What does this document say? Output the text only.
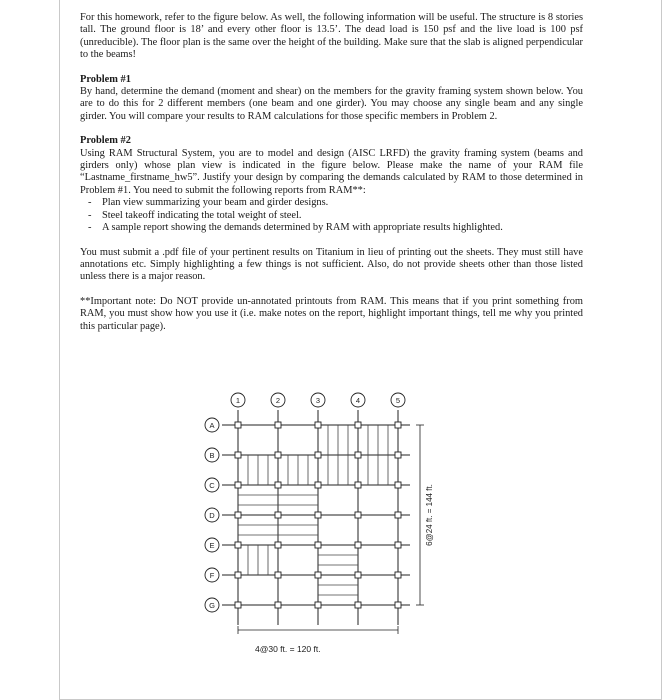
For this homework, refer to the figure below. As well, the following information will be useful. The structure is 8 stories tall. The ground floor is 18’ and every other floor is 13.5’. The dead load is 150 psf and the live load is 100 psf (unreducible). The floor plan is the same over the height of the building. Make sure that the slab is aligned perpendicular to the beams!

Problem #1

By hand, determine the demand (moment and shear) on the members for the gravity framing system shown below. You are to do this for 2 different members (one beam and one girder). You may choose any single beam and any single girder. You will compare your results to RAM calculations for those specific members in Problem 2.

Problem #2

Using RAM Structural System, you are to model and design (AISC LRFD) the gravity framing system (beams and girders only) whose plan view is indicated in the figure below. Please make the name of your RAM file “Lastname_firstname_hw5”. Justify your design by comparing the demands calculated by RAM to those determined in Problem #1. You need to submit the following reports from RAM**:

- Plan view summarizing your beam and girder designs.
- Steel takeoff indicating the total weight of steel.
- A sample report showing the demands determined by RAM with appropriate results highlighted.

You must submit a .pdf file of your pertinent results on Titanium in lieu of printing out the sheets. They must still have annotations etc. Simply highlighting a few things is not sufficient. Also, do not provide sheets other than those listed unless there is a major reason.

**Important note: Do NOT provide un-annotated printouts from RAM. This means that if you print something from RAM, you must show how you use it (i.e. make notes on the report, highlight important things, tell me why you printed this particular page).

1	2	3	4	5
A
B
C
D
E
F
G
6@24 ft. = 144 ft.
4@30 ft. = 120 ft.
